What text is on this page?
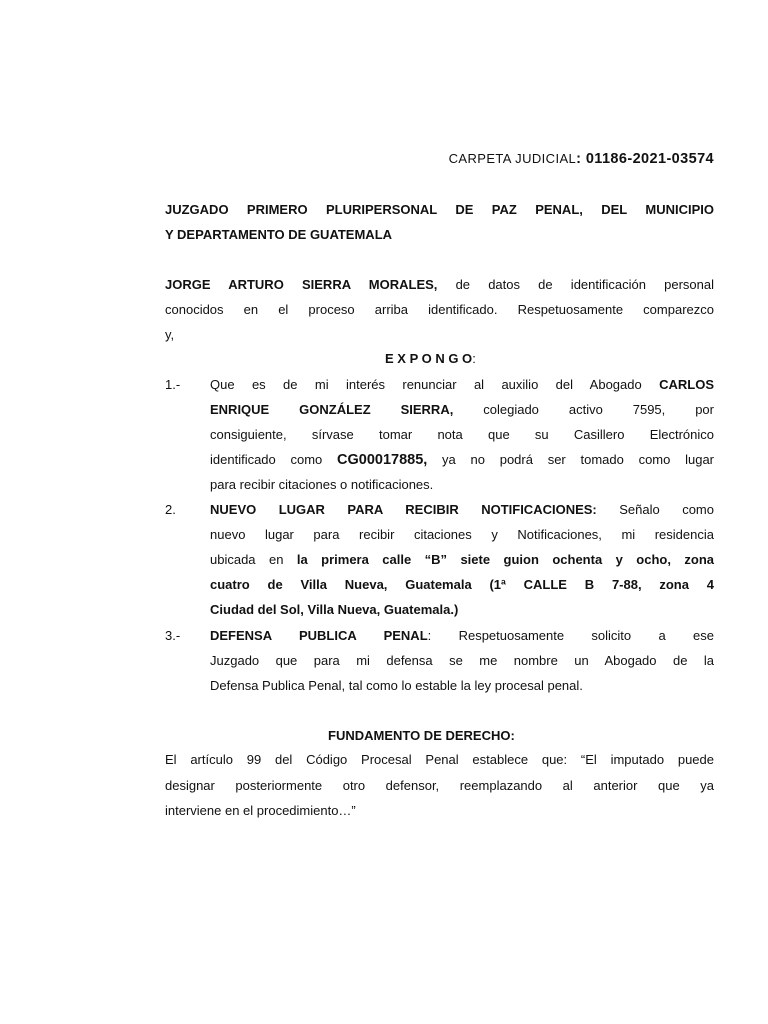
CARPETA JUDICIAL: 01186-2021-03574
JUZGADO PRIMERO PLURIPERSONAL DE PAZ PENAL, DEL MUNICIPIO
Y DEPARTAMENTO DE GUATEMALA
JORGE ARTURO SIERRA MORALES, de datos de identificación personal
conocidos en el proceso arriba identificado. Respetuosamente comparezco
y,
E X P O N G O:
1.- Que es de mi interés renunciar al auxilio del Abogado CARLOS
ENRIQUE GONZÁLEZ SIERRA, colegiado activo 7595, por
consiguiente, sírvase tomar nota que su Casillero Electrónico
identificado como CG00017885, ya no podrá ser tomado como lugar
para recibir citaciones o notificaciones.
2.	NUEVO LUGAR PARA RECIBIR NOTIFICACIONES: Señalo como
nuevo lugar para recibir citaciones y Notificaciones, mi residencia
ubicada en la primera calle “B” siete guion ochenta y ocho, zona
cuatro de Villa Nueva, Guatemala (1ª CALLE B 7-88, zona 4
Ciudad del Sol, Villa Nueva, Guatemala.)
3.- DEFENSA PUBLICA PENAL: Respetuosamente solicito a ese
Juzgado que para mi defensa se me nombre un Abogado de la
Defensa Publica Penal, tal como lo estable la ley procesal penal.
FUNDAMENTO DE DERECHO:
El artículo 99 del Código Procesal Penal establece que: “El imputado puede
designar posteriormente otro defensor, reemplazando al anterior que ya
interviene en el procedimiento…”
